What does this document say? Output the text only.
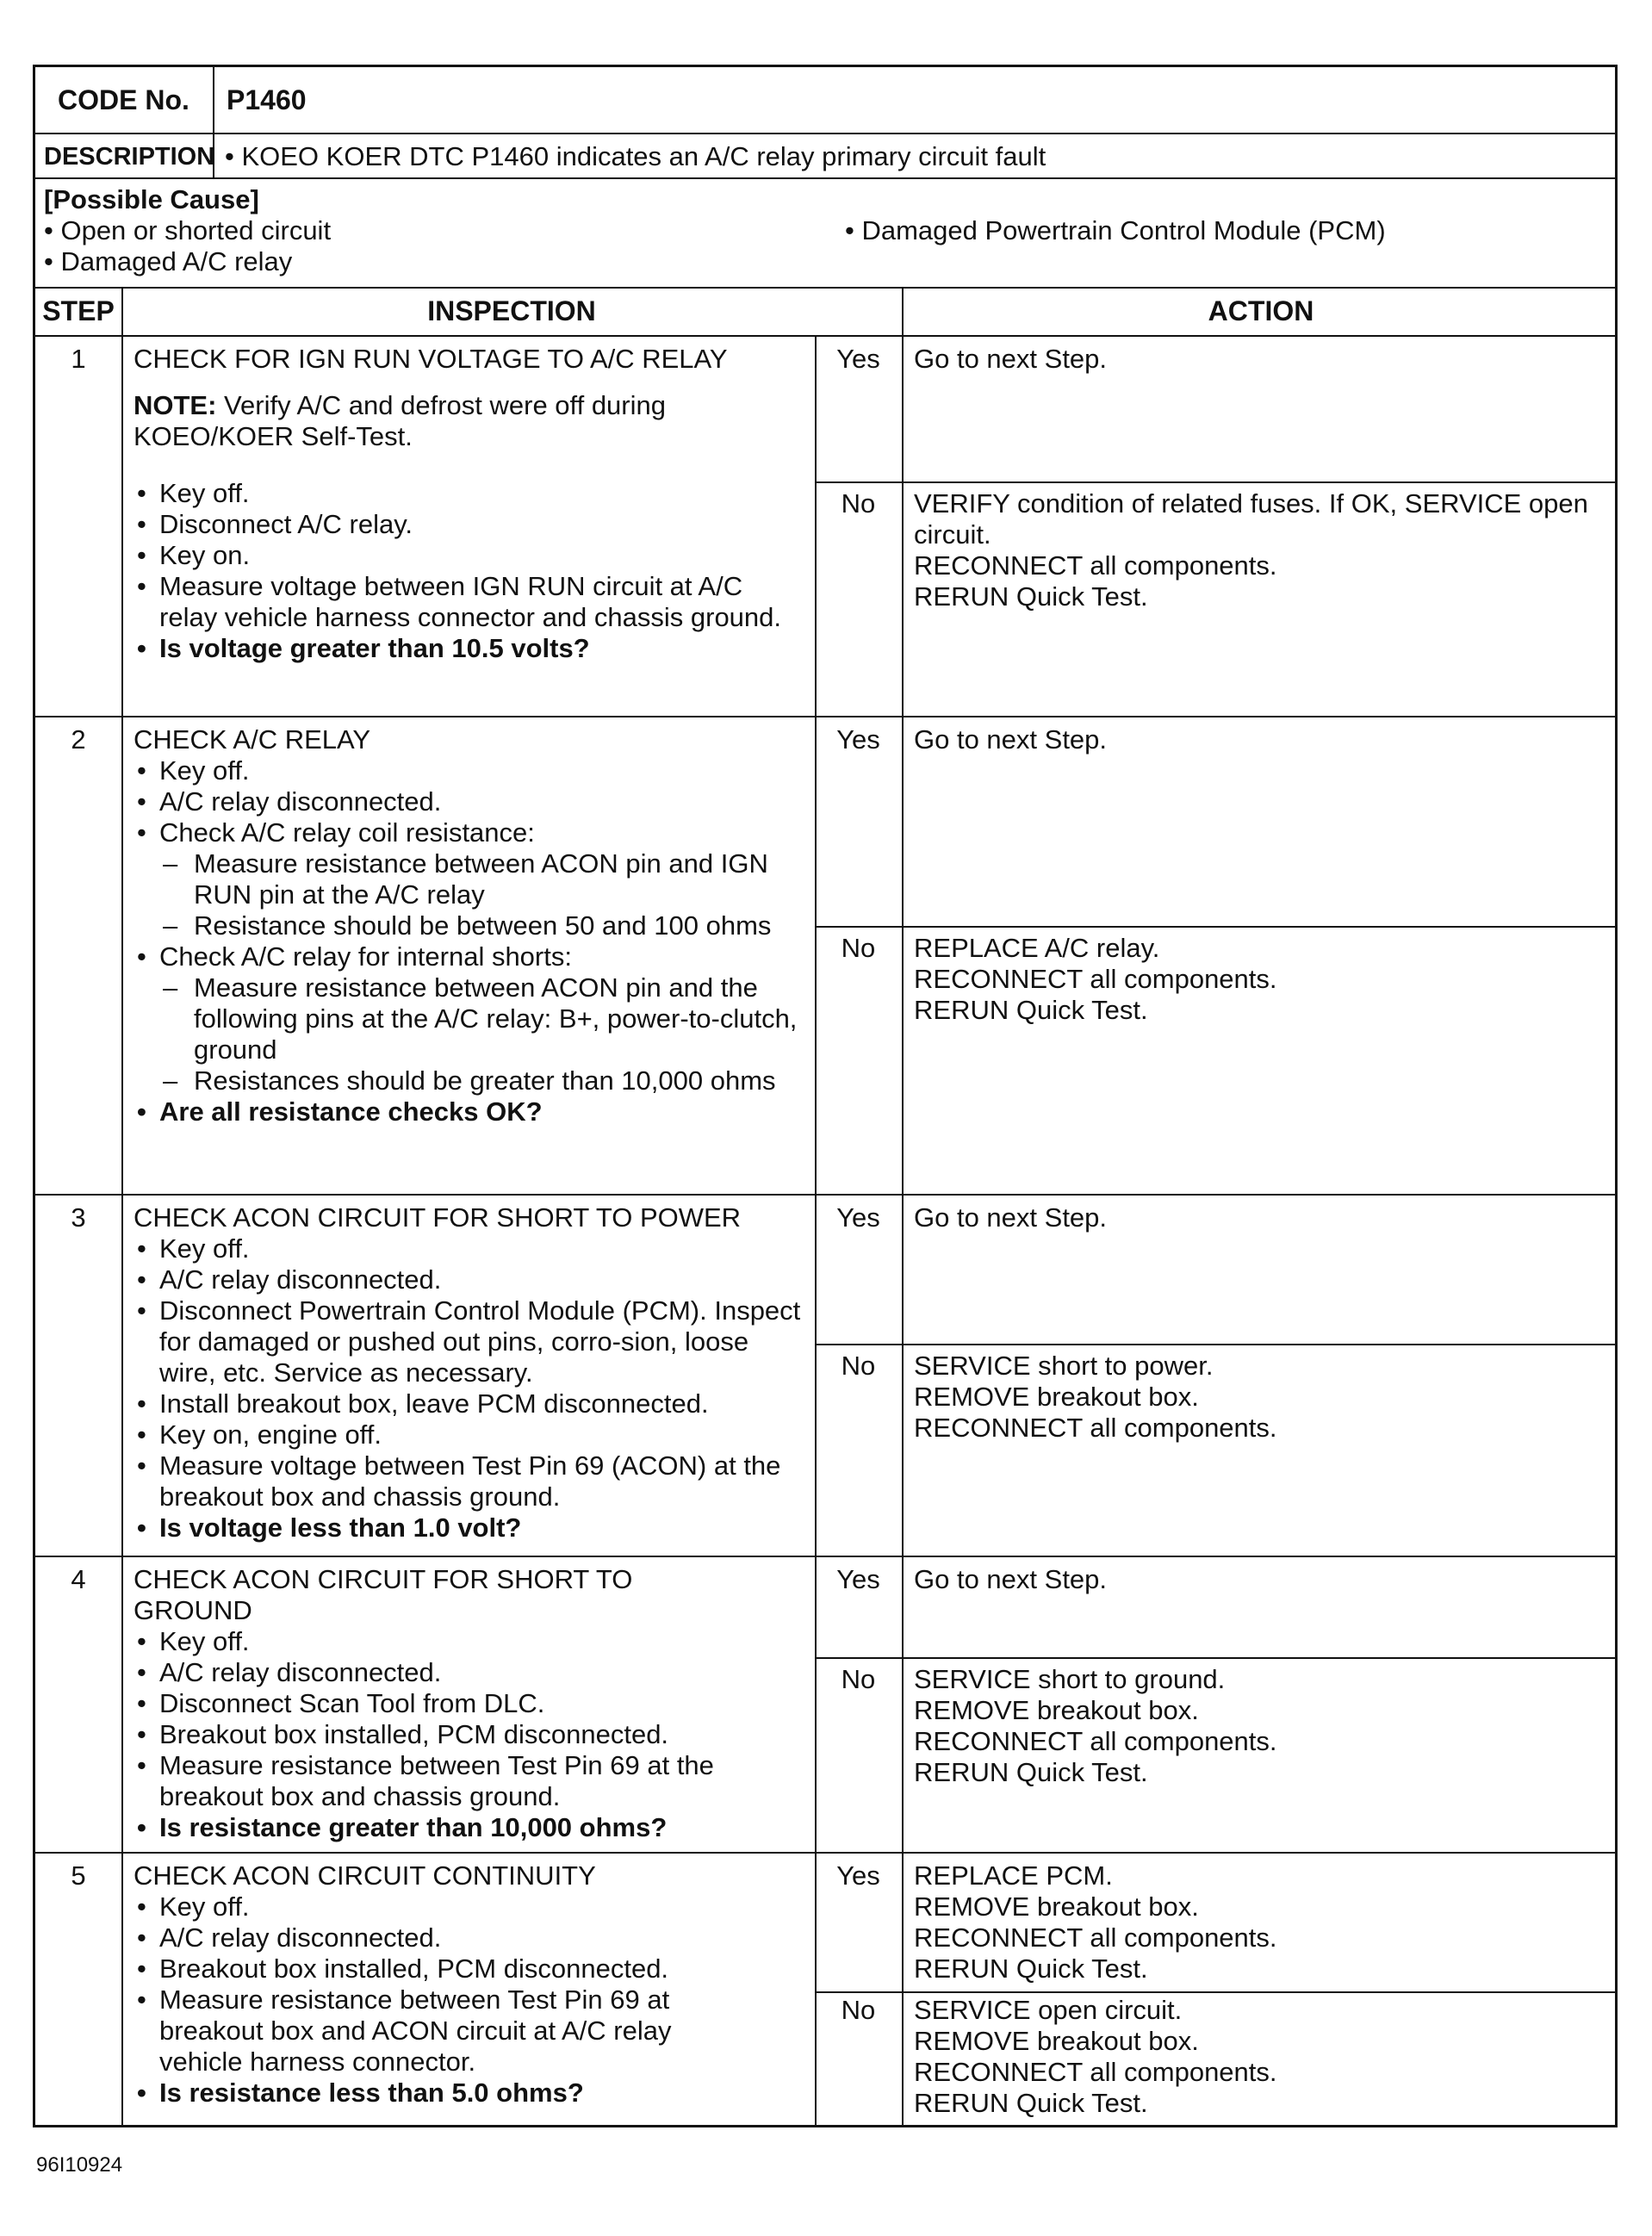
CODE No. P1460
DESCRIPTION • KOEO KOER DTC P1460 indicates an A/C relay primary circuit fault
[Possible Cause]
• Open or shorted circuit
• Damaged A/C relay
• Damaged Powertrain Control Module (PCM)
STEP	INSPECTION	ACTION
1	CHECK FOR IGN RUN VOLTAGE TO A/C RELAY
NOTE: Verify A/C and defrost were off during
KOEO/KOER Self-Test.
• Key off.
• Disconnect A/C relay.
• Key on.
• Measure voltage between IGN RUN circuit at A/C relay vehicle harness connector and chassis ground.
• Is voltage greater than 10.5 volts?
Yes	Go to next Step.
No	VERIFY condition of related fuses. If OK, SERVICE open circuit.
RECONNECT all components.
RERUN Quick Test.
2	CHECK A/C RELAY
• Key off.
• A/C relay disconnected.
• Check A/C relay coil resistance:
– Measure resistance between ACON pin and IGN RUN pin at the A/C relay
– Resistance should be between 50 and 100 ohms
• Check A/C relay for internal shorts:
– Measure resistance between ACON pin and the following pins at the A/C relay: B+, power-to-clutch, ground
– Resistances should be greater than 10,000 ohms
• Are all resistance checks OK?
Yes	Go to next Step.
No	REPLACE A/C relay.
RECONNECT all components.
RERUN Quick Test.
3	CHECK ACON CIRCUIT FOR SHORT TO POWER
• Key off.
• A/C relay disconnected.
• Disconnect Powertrain Control Module (PCM). Inspect for damaged or pushed out pins, corro-sion, loose wire, etc. Service as necessary.
• Install breakout box, leave PCM disconnected.
• Key on, engine off.
• Measure voltage between Test Pin 69 (ACON) at the breakout box and chassis ground.
• Is voltage less than 1.0 volt?
Yes	Go to next Step.
No	SERVICE short to power.
REMOVE breakout box.
RECONNECT all components.
4	CHECK ACON CIRCUIT FOR SHORT TO GROUND
• Key off.
• A/C relay disconnected.
• Disconnect Scan Tool from DLC.
• Breakout box installed, PCM disconnected.
• Measure resistance between Test Pin 69 at the breakout box and chassis ground.
• Is resistance greater than 10,000 ohms?
Yes	Go to next Step.
No	SERVICE short to ground.
REMOVE breakout box.
RECONNECT all components.
RERUN Quick Test.
5	CHECK ACON CIRCUIT CONTINUITY
• Key off.
• A/C relay disconnected.
• Breakout box installed, PCM disconnected.
• Measure resistance between Test Pin 69 at breakout box and ACON circuit at A/C relay vehicle harness connector.
• Is resistance less than 5.0 ohms?
Yes	REPLACE PCM.
REMOVE breakout box.
RECONNECT all components.
RERUN Quick Test.
No	SERVICE open circuit.
REMOVE breakout box.
RECONNECT all components.
RERUN Quick Test.
96I10924
